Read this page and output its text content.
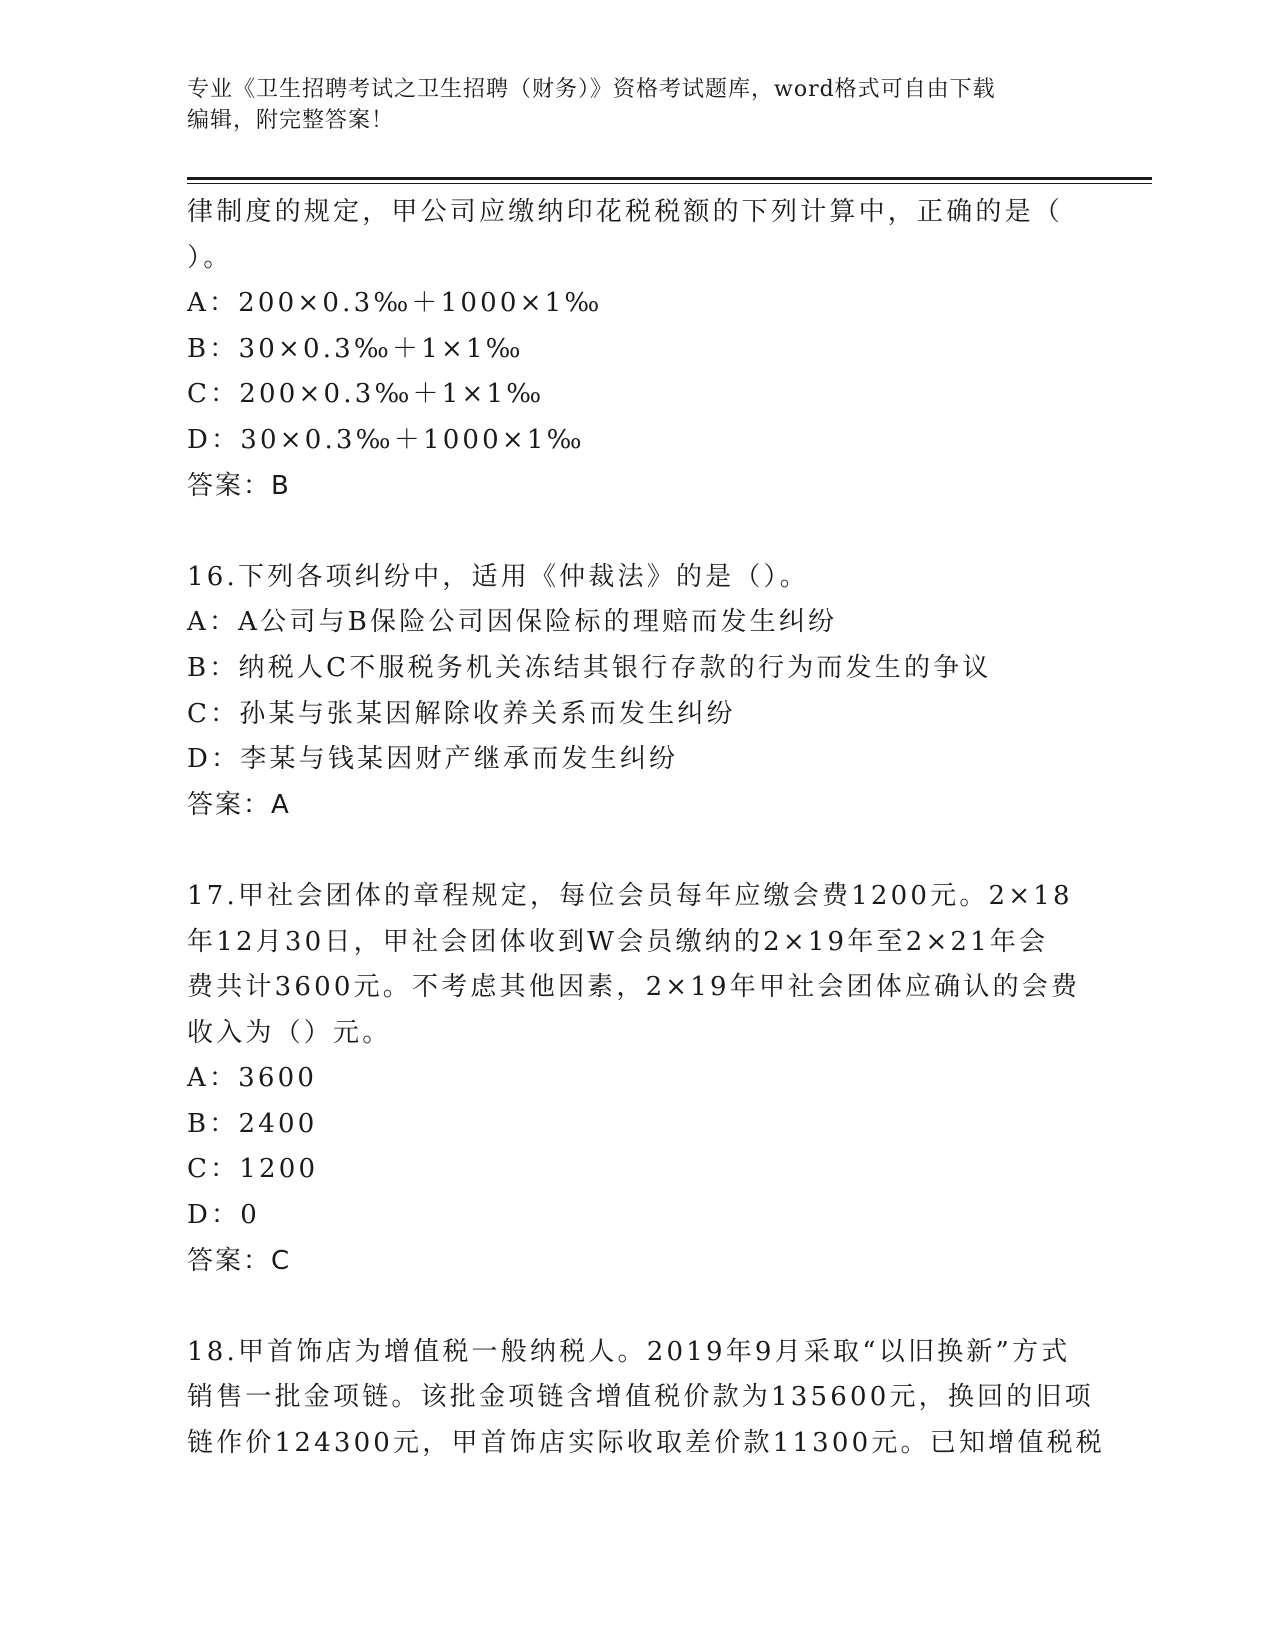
专业《卫生招聘考试之卫生招聘（财务）》资格考试题库，word格式可自由下载
编辑，附完整答案！
律制度的规定，甲公司应缴纳印花税税额的下列计算中，正确的是（
）。
A：200×0.3‰＋1000×1‰
B：30×0.3‰＋1×1‰
C：200×0.3‰＋1×1‰
D：30×0.3‰＋1000×1‰
答案：B
16.下列各项纠纷中，适用《仲裁法》的是（）。
A：A公司与B保险公司因保险标的理赔而发生纠纷
B：纳税人C不服税务机关冻结其银行存款的行为而发生的争议
C：孙某与张某因解除收养关系而发生纠纷
D：李某与钱某因财产继承而发生纠纷
答案：A
17.甲社会团体的章程规定，每位会员每年应缴会费1200元。2×18
年12月30日，甲社会团体收到W会员缴纳的2×19年至2×21年会
费共计3600元。不考虑其他因素，2×19年甲社会团体应确认的会费
收入为（）元。
A：3600
B：2400
C：1200
D：0
答案：C
18.甲首饰店为增值税一般纳税人。2019年9月采取“以旧换新”方式
销售一批金项链。该批金项链含增值税价款为135600元，换回的旧项
链作价124300元，甲首饰店实际收取差价款11300元。已知增值税税
